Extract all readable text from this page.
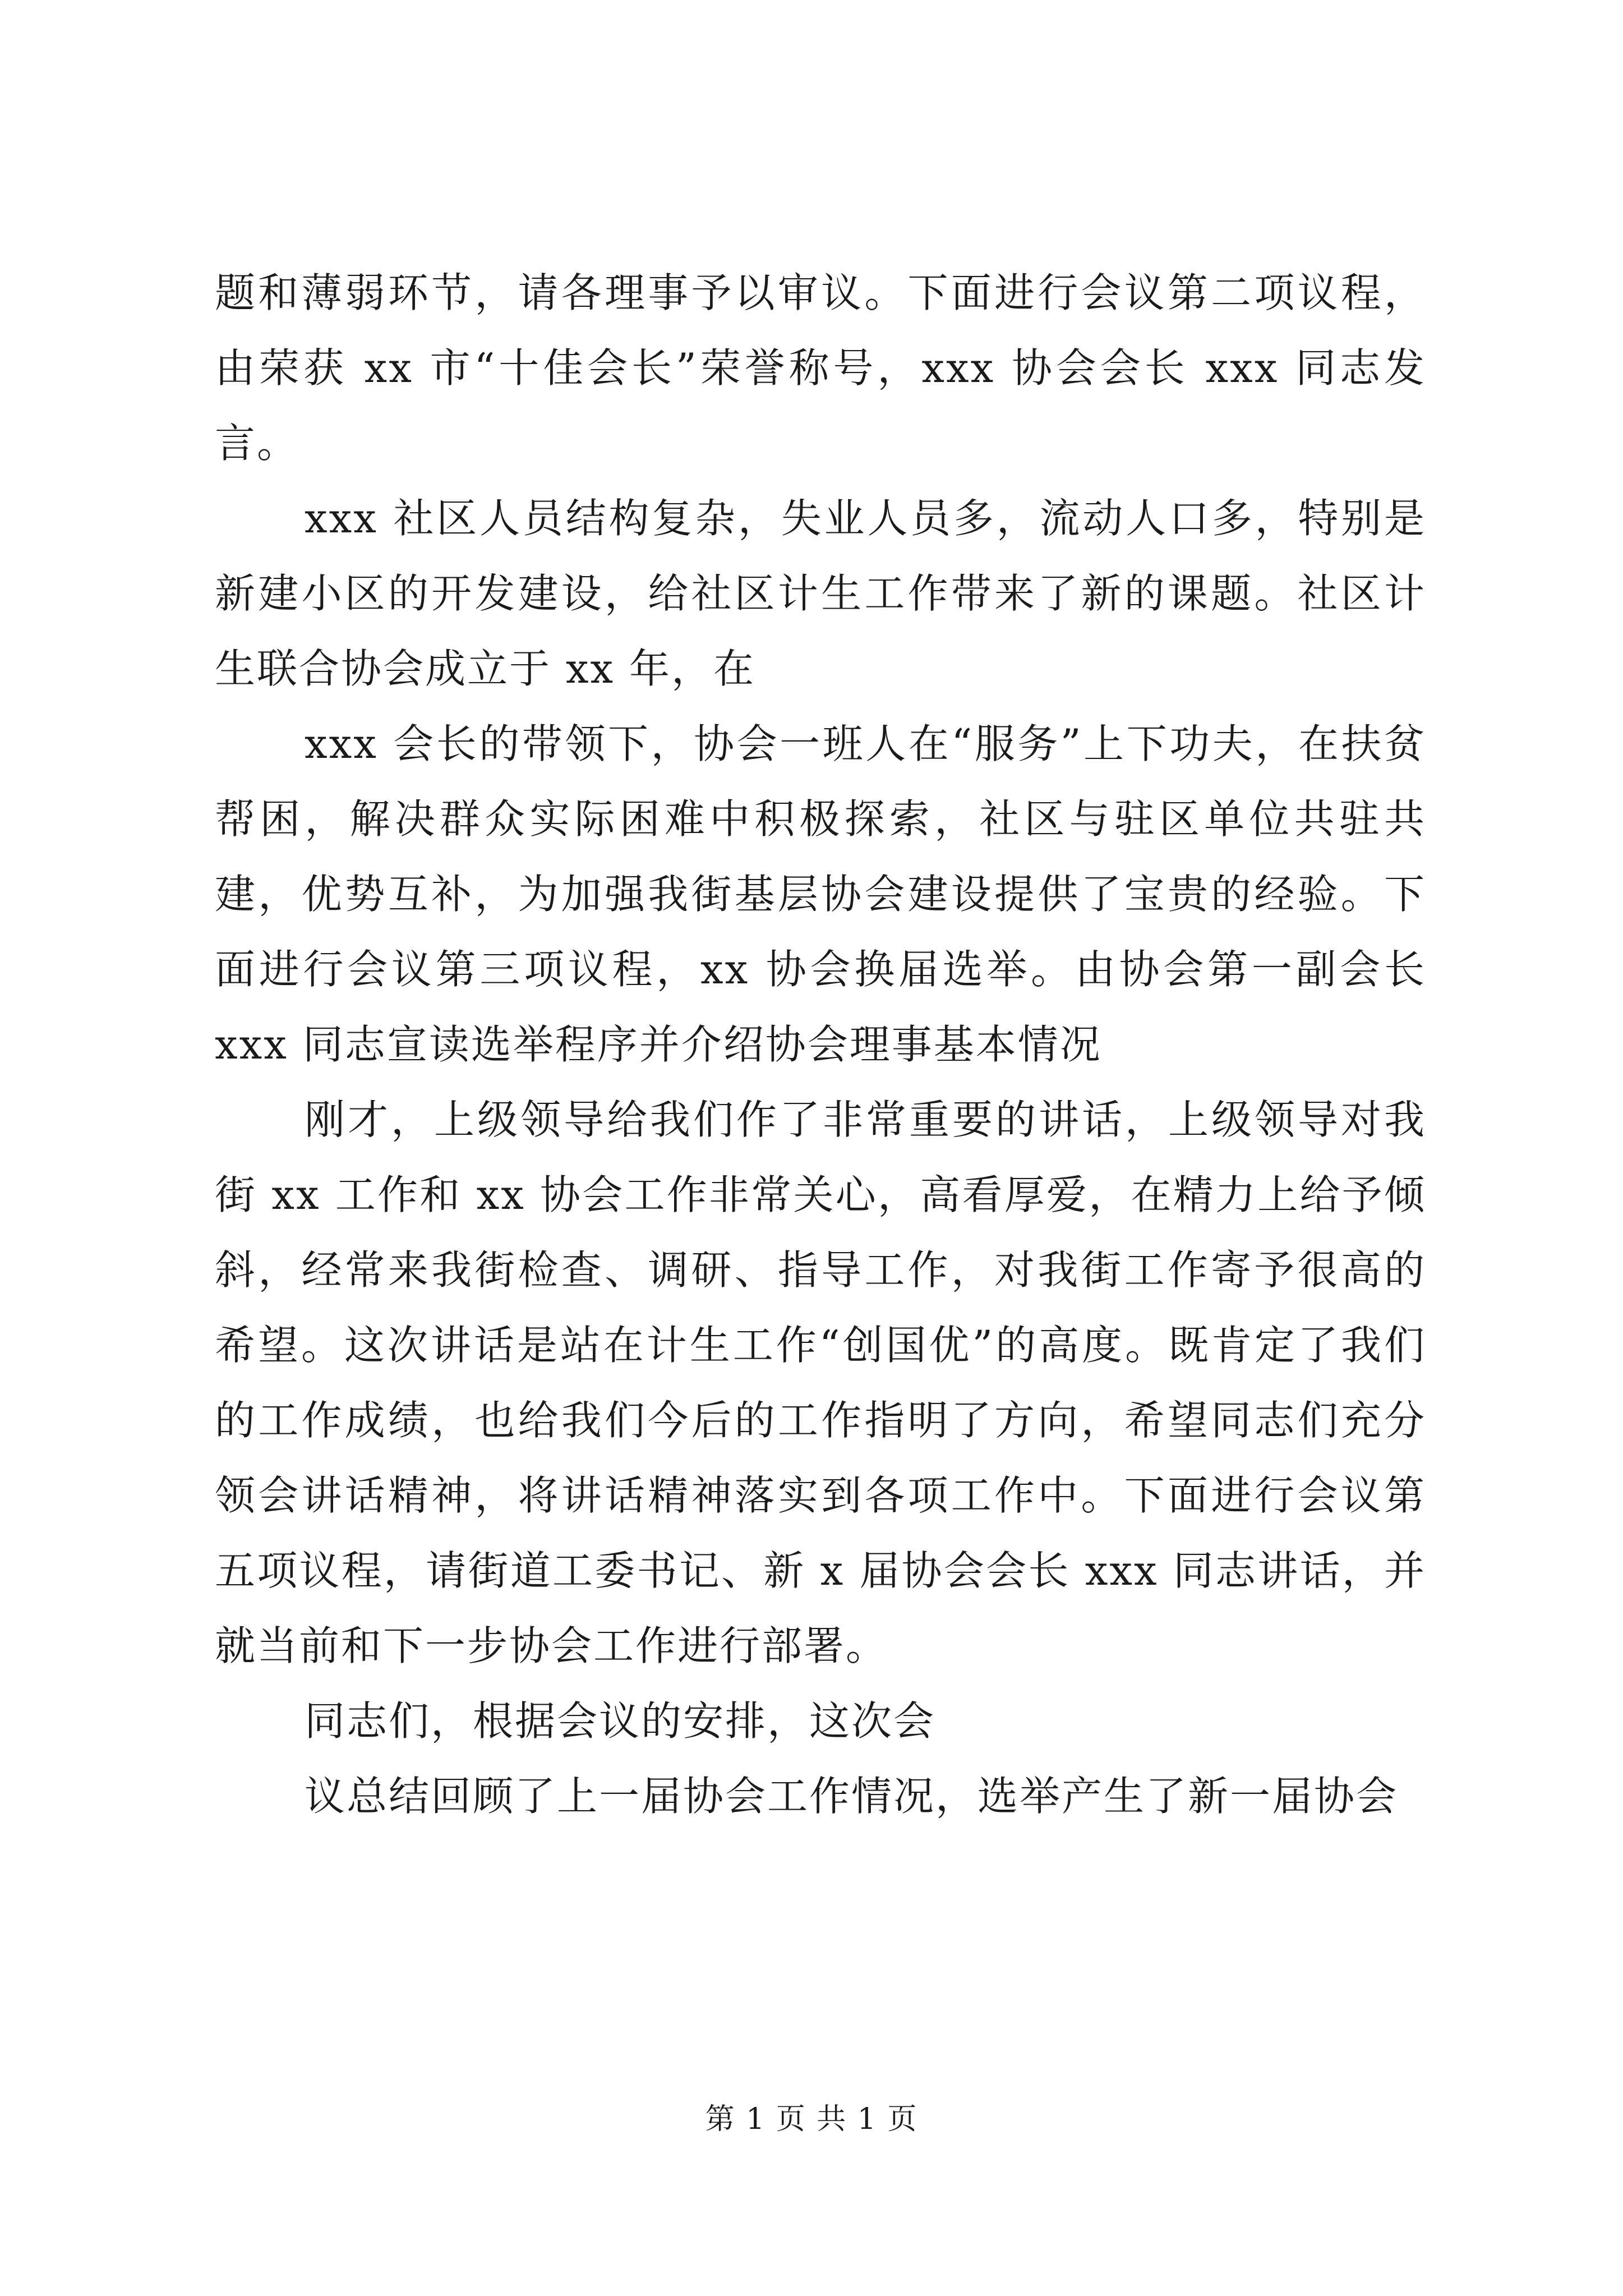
题和薄弱环节，请各理事予以审议。下面进行会议第二项议程，由荣获 xx 市“十佳会长”荣誉称号，xxx 协会会长 xxx 同志发言。

xxx 社区人员结构复杂，失业人员多，流动人口多，特别是新建小区的开发建设，给社区计生工作带来了新的课题。社区计生联合协会成立于 xx 年，在

xxx 会长的带领下，协会一班人在“服务”上下功夫，在扶贫帮困，解决群众实际困难中积极探索，社区与驻区单位共驻共建，优势互补，为加强我街基层协会建设提供了宝贵的经验。下面进行会议第三项议程，xx 协会换届选举。由协会第一副会长 xxx 同志宣读选举程序并介绍协会理事基本情况

刚才，上级领导给我们作了非常重要的讲话，上级领导对我街 xx 工作和 xx 协会工作非常关心，高看厚爱，在精力上给予倾斜，经常来我街检查、调研、指导工作，对我街工作寄予很高的希望。这次讲话是站在计生工作“创国优”的高度。既肯定了我们的工作成绩，也给我们今后的工作指明了方向，希望同志们充分领会讲话精神，将讲话精神落实到各项工作中。下面进行会议第五项议程，请街道工委书记、新 x 届协会会长 xxx 同志讲话，并就当前和下一步协会工作进行部署。

同志们，根据会议的安排，这次会

议总结回顾了上一届协会工作情况，选举产生了新一届协会

第 1 页 共 1 页
